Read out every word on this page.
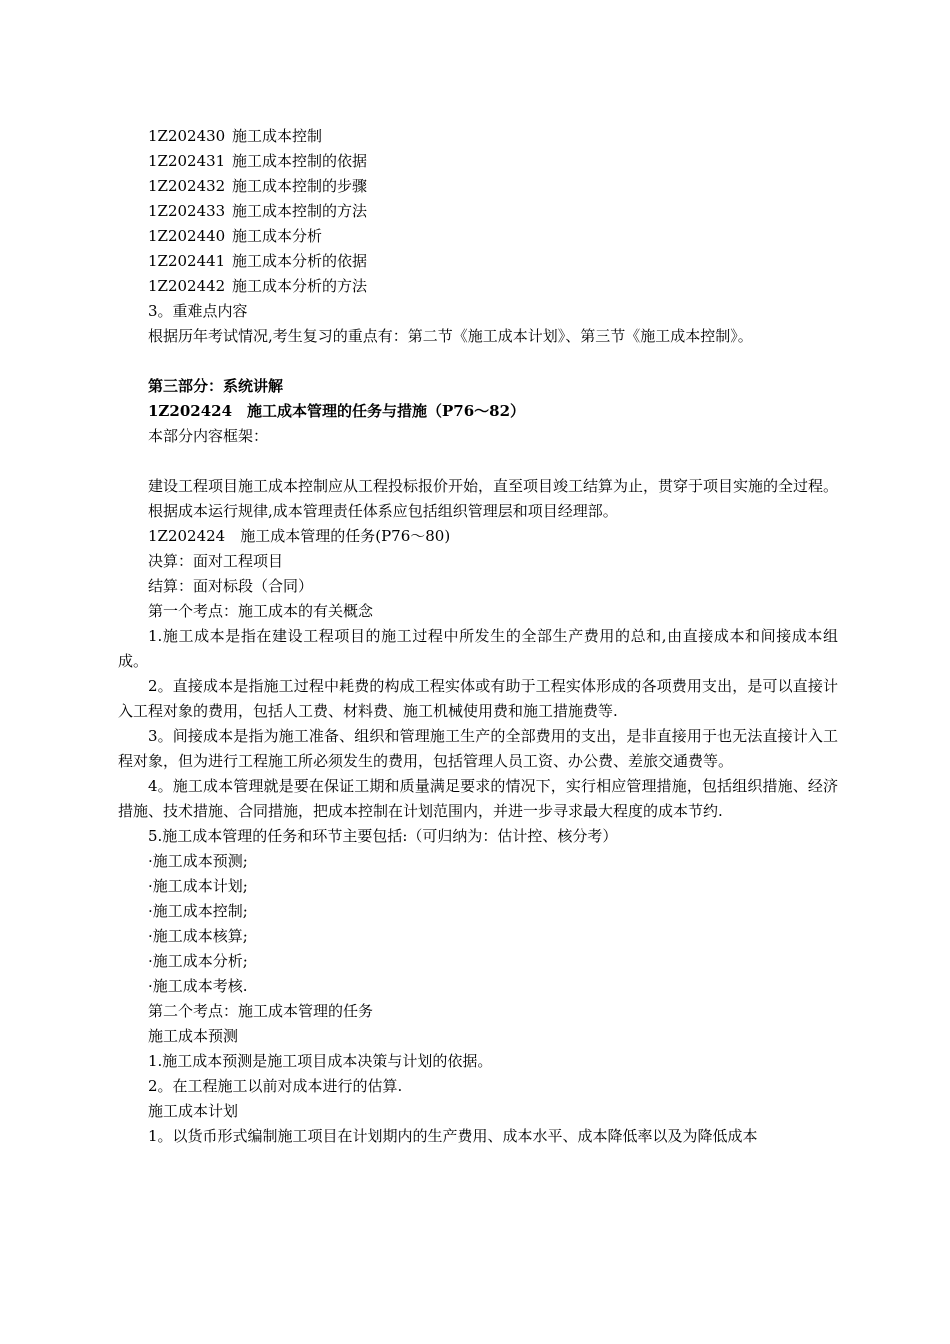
1Z202430 施工成本控制
1Z202431 施工成本控制的依据
1Z202432 施工成本控制的步骤
1Z202433 施工成本控制的方法
1Z202440 施工成本分析
1Z202441 施工成本分析的依据
1Z202442 施工成本分析的方法
3。重难点内容
根据历年考试情况,考生复习的重点有：第二节《施工成本计划》、第三节《施工成本控制》。
第三部分：系统讲解
1Z202424　施工成本管理的任务与措施（P76～82）
本部分内容框架：
建设工程项目施工成本控制应从工程投标报价开始，直至项目竣工结算为止，贯穿于项目实施的全过程。
根据成本运行规律,成本管理责任体系应包括组织管理层和项目经理部。
1Z202424　施工成本管理的任务(P76～80)
决算：面对工程项目
结算：面对标段（合同）
第一个考点：施工成本的有关概念
1.施工成本是指在建设工程项目的施工过程中所发生的全部生产费用的总和,由直接成本和间接成本组成。
2。直接成本是指施工过程中耗费的构成工程实体或有助于工程实体形成的各项费用支出，是可以直接计入工程对象的费用，包括人工费、材料费、施工机械使用费和施工措施费等.
3。间接成本是指为施工准备、组织和管理施工生产的全部费用的支出，是非直接用于也无法直接计入工程对象，但为进行工程施工所必须发生的费用，包括管理人员工资、办公费、差旅交通费等。
4。施工成本管理就是要在保证工期和质量满足要求的情况下，实行相应管理措施，包括组织措施、经济措施、技术措施、合同措施，把成本控制在计划范围内，并进一步寻求最大程度的成本节约.
5.施工成本管理的任务和环节主要包括:（可归纳为：估计控、核分考）
·施工成本预测;
·施工成本计划;
·施工成本控制;
·施工成本核算;
·施工成本分析;
·施工成本考核.
第二个考点：施工成本管理的任务
施工成本预测
1.施工成本预测是施工项目成本决策与计划的依据。
2。在工程施工以前对成本进行的估算.
施工成本计划
1。以货币形式编制施工项目在计划期内的生产费用、成本水平、成本降低率以及为降低成本
